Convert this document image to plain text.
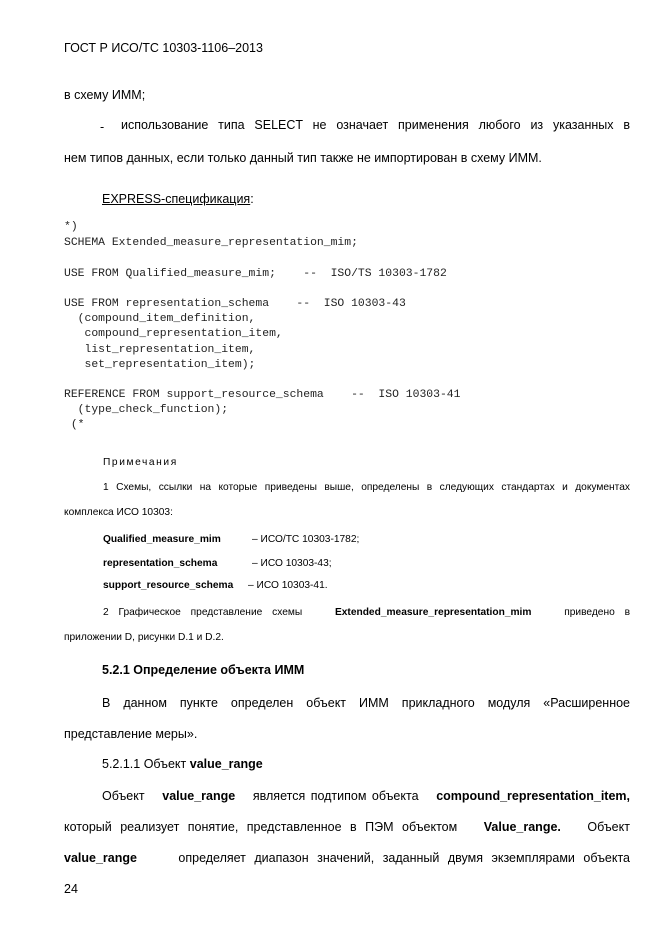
ГОСТ Р ИСО/ТС 10303-1106–2013
в схему ИММ;
- использование типа SELECT не означает применения любого из указанных в
нем типов данных, если только данный тип также не импортирован в схему ИММ.
EXPRESS-спецификация:
*)
SCHEMA Extended_measure_representation_mim;
USE FROM Qualified_measure_mim;    --  ISO/TS 10303-1782
USE FROM representation_schema    --  ISO 10303-43
(compound_item_definition,
compound_representation_item,
list_representation_item,
set_representation_item);
REFERENCE FROM support_resource_schema    --  ISO 10303-41
(type_check_function);
(*
Примечания
1 Схемы, ссылки на которые приведены выше, определены в следующих стандартах и документах
комплекса ИСО 10303:
Qualified_measure_mim	– ИСО/ТС 10303-1782;
representation_schema	– ИСО 10303-43;
support_resource_schema – ИСО 10303-41.
2 Графическое представление схемы	Extended_measure_representation_mim	приведено в
приложении D, рисунки D.1 и D.2.
5.2.1 Определение объекта ИММ
В данном пункте определен объект ИММ прикладного модуля «Расширенное
представление меры».
5.2.1.1 Объект value_range
Объект value_range является подтипом объекта compound_representation_item,
который реализует понятие, представленное в ПЭМ объектом Value_range. Объект
value_range	определяет диапазон значений, заданный двумя экземплярами объекта
24
